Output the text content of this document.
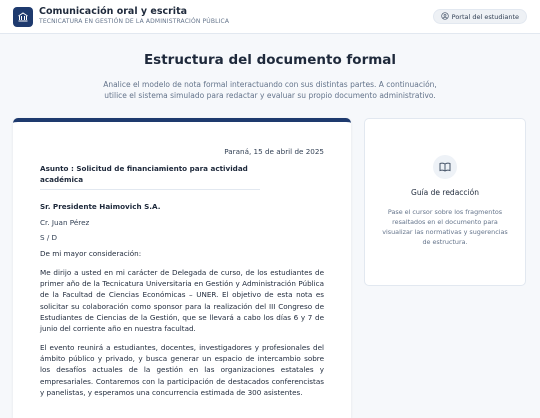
Comunicación oral y escrita
TECNICATURA EN GESTIÓN DE LA ADMINISTRACIÓN PÚBLICA
Portal del estudiante
Estructura del documento formal

Analice el modelo de nota formal interactuando con sus distintas partes. A continuación, utilice el sistema simulado para redactar y evaluar su propio documento administrativo.

Paraná, 15 de abril de 2025
Asunto : Solicitud de financiamiento para actividad académica
Sr. Presidente Haimovich S.A.
Cr. Juan Pérez
S / D
De mi mayor consideración:
Me dirijo a usted en mi carácter de Delegada de curso, de los estudiantes de primer año de la Tecnicatura Universitaria en Gestión y Administración Pública de la Facultad de Ciencias Económicas – UNER. El objetivo de esta nota es solicitar su colaboración como sponsor para la realización del III Congreso de Estudiantes de Ciencias de la Gestión, que se llevará a cabo los días 6 y 7 de junio del corriente año en nuestra facultad.
El evento reunirá a estudiantes, docentes, investigadores y profesionales del ámbito público y privado, y busca generar un espacio de intercambio sobre los desafíos actuales de la gestión en las organizaciones estatales y empresariales. Contaremos con la participación de destacados conferencistas y panelistas, y esperamos una concurrencia estimada de 300 asistentes.
Guía de redacción
Pase el cursor sobre los fragmentos resaltados en el documento para visualizar las normativas y sugerencias de estructura.
